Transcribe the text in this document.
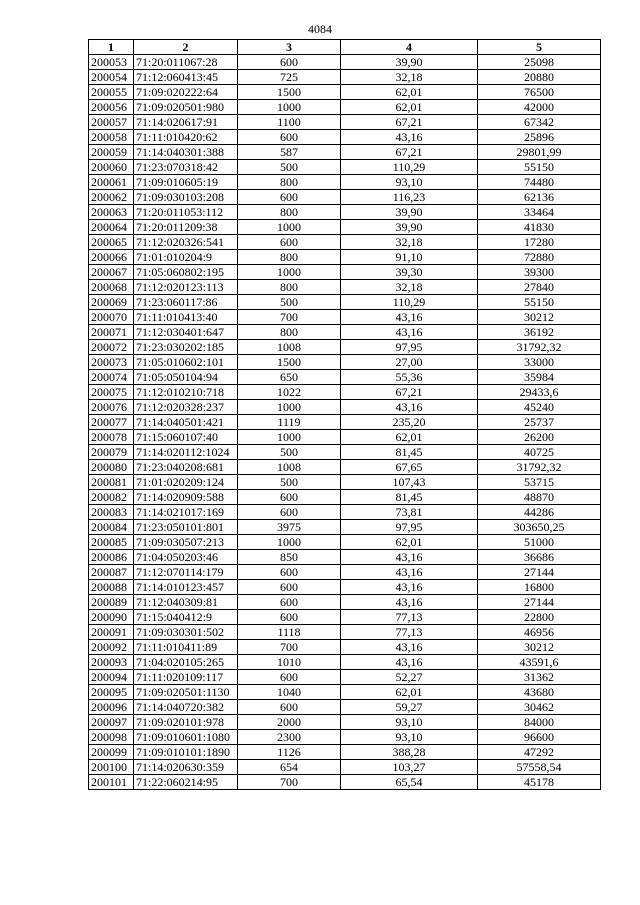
4084
1	2	3	4	5
200053	71:20:011067:28	600	39,90	25098
200054	71:12:060413:45	725	32,18	20880
200055	71:09:020222:64	1500	62,01	76500
200056	71:09:020501:980	1000	62,01	42000
200057	71:14:020617:91	1100	67,21	67342
200058	71:11:010420:62	600	43,16	25896
200059	71:14:040301:388	587	67,21	29801,99
200060	71:23:070318:42	500	110,29	55150
200061	71:09:010605:19	800	93,10	74480
200062	71:09:030103:208	600	116,23	62136
200063	71:20:011053:112	800	39,90	33464
200064	71:20:011209:38	1000	39,90	41830
200065	71:12:020326:541	600	32,18	17280
200066	71:01:010204:9	800	91,10	72880
200067	71:05:060802:195	1000	39,30	39300
200068	71:12:020123:113	800	32,18	27840
200069	71:23:060117:86	500	110,29	55150
200070	71:11:010413:40	700	43,16	30212
200071	71:12:030401:647	800	43,16	36192
200072	71:23:030202:185	1008	97,95	31792,32
200073	71:05:010602:101	1500	27,00	33000
200074	71:05:050104:94	650	55,36	35984
200075	71:12:010210:718	1022	67,21	29433,6
200076	71:12:020328:237	1000	43,16	45240
200077	71:14:040501:421	1119	235,20	25737
200078	71:15:060107:40	1000	62,01	26200
200079	71:14:020112:1024	500	81,45	40725
200080	71:23:040208:681	1008	67,65	31792,32
200081	71:01:020209:124	500	107,43	53715
200082	71:14:020909:588	600	81,45	48870
200083	71:14:021017:169	600	73,81	44286
200084	71:23:050101:801	3975	97,95	303650,25
200085	71:09:030507:213	1000	62,01	51000
200086	71:04:050203:46	850	43,16	36686
200087	71:12:070114:179	600	43,16	27144
200088	71:14:010123:457	600	43,16	16800
200089	71:12:040309:81	600	43,16	27144
200090	71:15:040412:9	600	77,13	22800
200091	71:09:030301:502	1118	77,13	46956
200092	71:11:010411:89	700	43,16	30212
200093	71:04:020105:265	1010	43,16	43591,6
200094	71:11:020109:117	600	52,27	31362
200095	71:09:020501:1130	1040	62,01	43680
200096	71:14:040720:382	600	59,27	30462
200097	71:09:020101:978	2000	93,10	84000
200098	71:09:010601:1080	2300	93,10	96600
200099	71:09:010101:1890	1126	388,28	47292
200100	71:14:020630:359	654	103,27	57558,54
200101	71:22:060214:95	700	65,54	45178
